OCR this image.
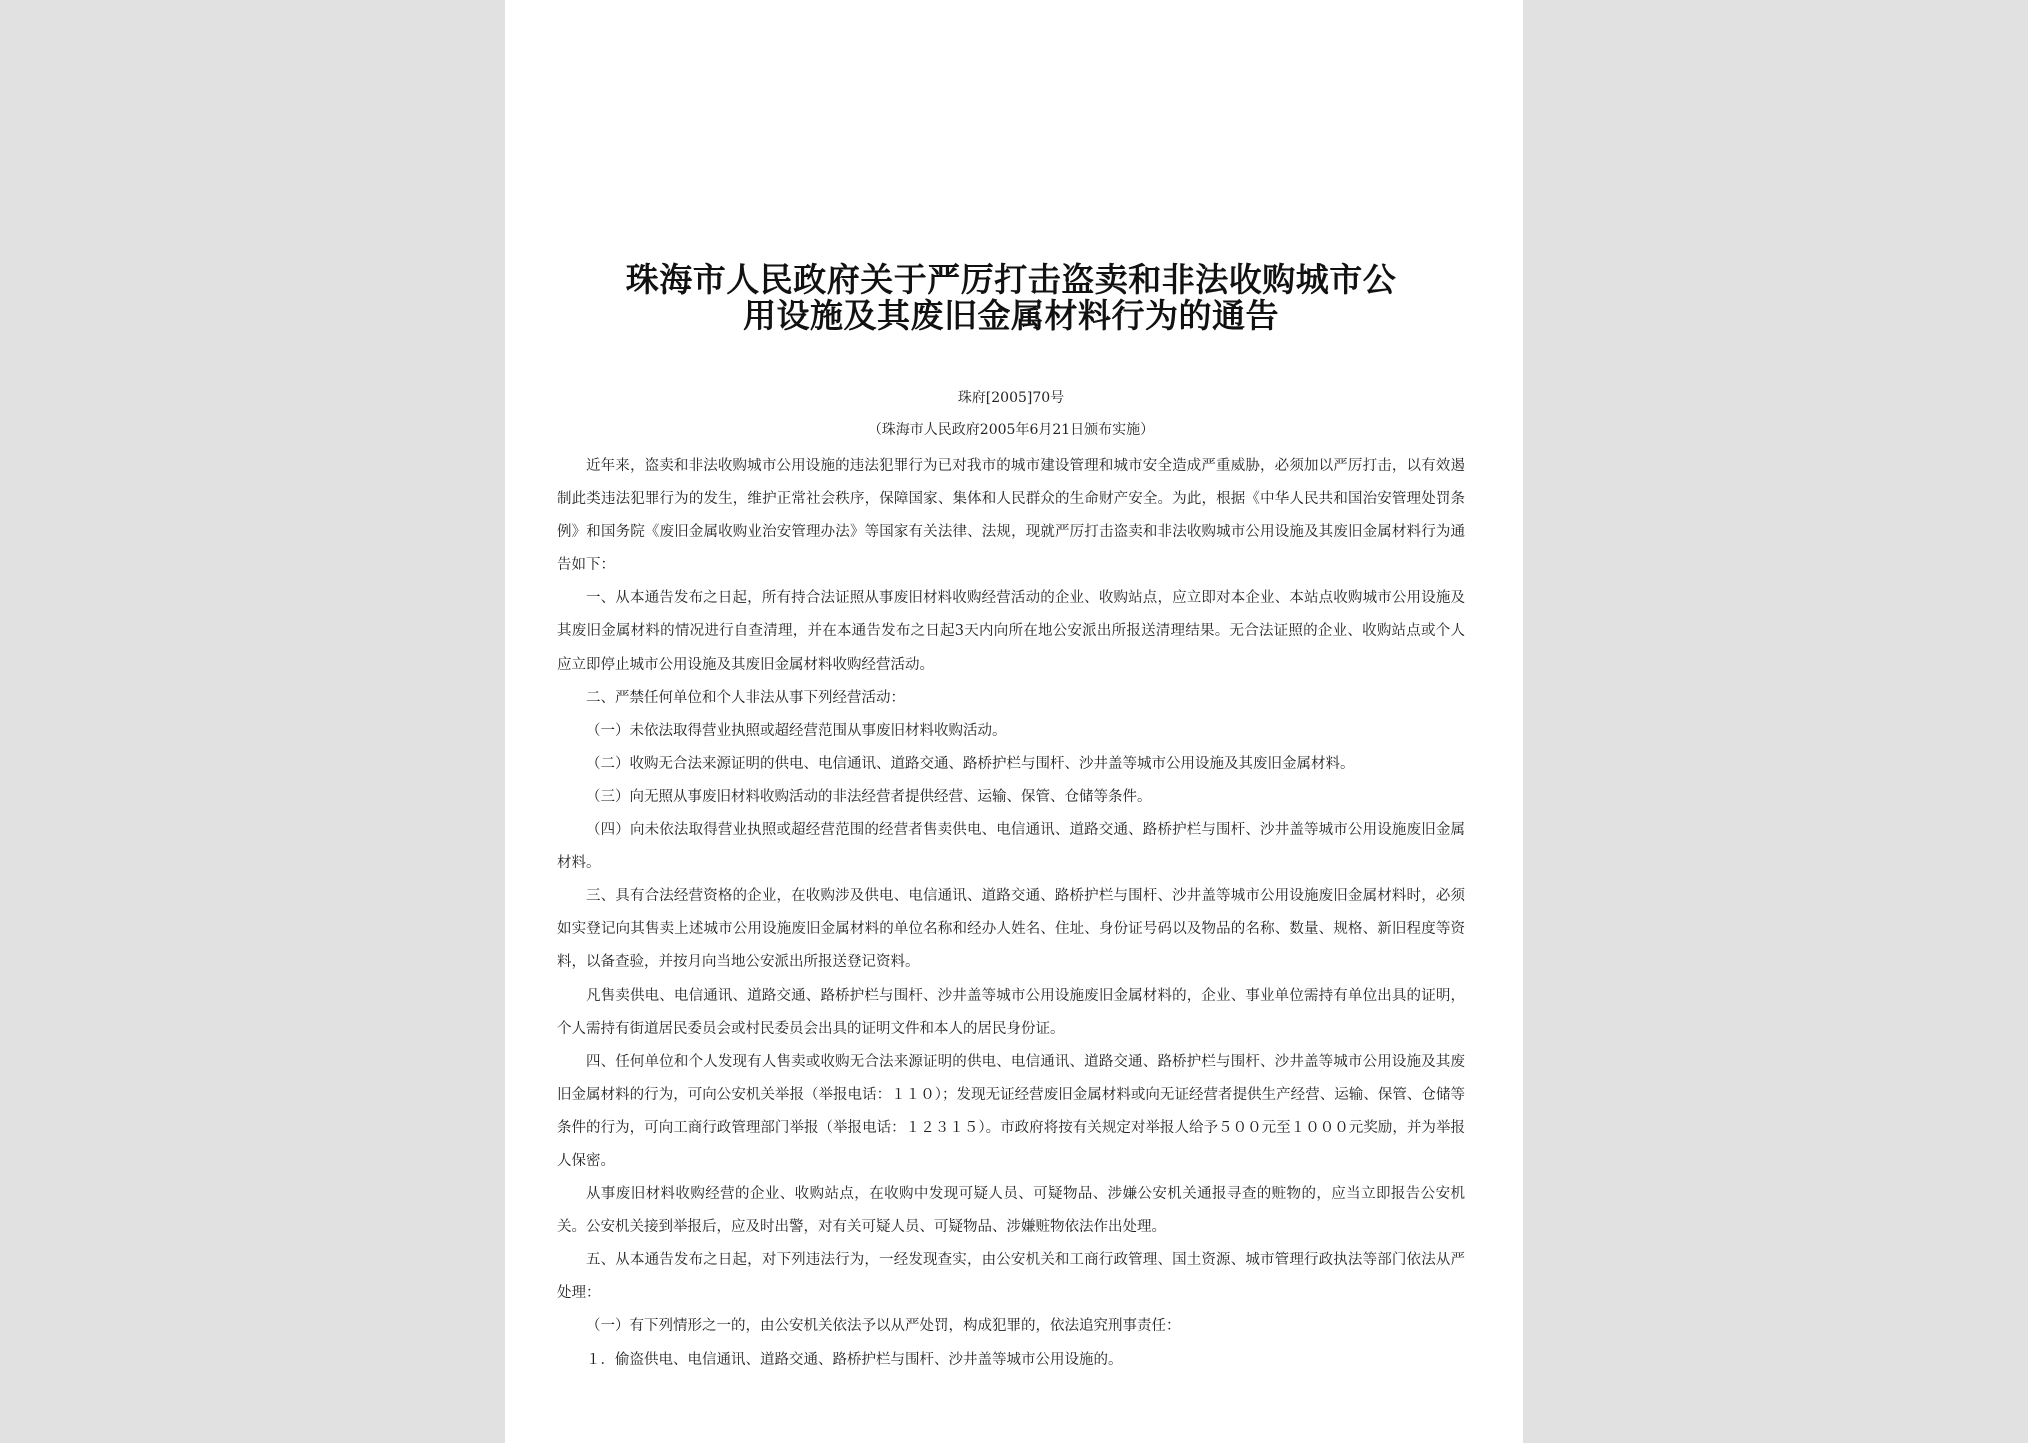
珠海市人民政府关于严厉打击盗卖和非法收购城市公
用设施及其废旧金属材料行为的通告
珠府[2005]70号
（珠海市人民政府2005年6月21日颁布实施）

近年来，盗卖和非法收购城市公用设施的违法犯罪行为已对我市的城市建设管理和城市安全造成严重威胁，必须加以严厉打击，以有效遏制此类违法犯罪行为的发生，维护正常社会秩序，保障国家、集体和人民群众的生命财产安全。为此，根据《中华人民共和国治安管理处罚条例》和国务院《废旧金属收购业治安管理办法》等国家有关法律、法规，现就严厉打击盗卖和非法收购城市公用设施及其废旧金属材料行为通告如下：

一、从本通告发布之日起，所有持合法证照从事废旧材料收购经营活动的企业、收购站点，应立即对本企业、本站点收购城市公用设施及其废旧金属材料的情况进行自查清理，并在本通告发布之日起3天内向所在地公安派出所报送清理结果。无合法证照的企业、收购站点或个人应立即停止城市公用设施及其废旧金属材料收购经营活动。

二、严禁任何单位和个人非法从事下列经营活动：

（一）未依法取得营业执照或超经营范围从事废旧材料收购活动。

（二）收购无合法来源证明的供电、电信通讯、道路交通、路桥护栏与围杆、沙井盖等城市公用设施及其废旧金属材料。

（三）向无照从事废旧材料收购活动的非法经营者提供经营、运输、保管、仓储等条件。

（四）向未依法取得营业执照或超经营范围的经营者售卖供电、电信通讯、道路交通、路桥护栏与围杆、沙井盖等城市公用设施废旧金属材料。

三、具有合法经营资格的企业，在收购涉及供电、电信通讯、道路交通、路桥护栏与围杆、沙井盖等城市公用设施废旧金属材料时，必须如实登记向其售卖上述城市公用设施废旧金属材料的单位名称和经办人姓名、住址、身份证号码以及物品的名称、数量、规格、新旧程度等资料，以备查验，并按月向当地公安派出所报送登记资料。

凡售卖供电、电信通讯、道路交通、路桥护栏与围杆、沙井盖等城市公用设施废旧金属材料的，企业、事业单位需持有单位出具的证明，个人需持有街道居民委员会或村民委员会出具的证明文件和本人的居民身份证。

四、任何单位和个人发现有人售卖或收购无合法来源证明的供电、电信通讯、道路交通、路桥护栏与围杆、沙井盖等城市公用设施及其废旧金属材料的行为，可向公安机关举报（举报电话：１１０）；发现无证经营废旧金属材料或向无证经营者提供生产经营、运输、保管、仓储等条件的行为，可向工商行政管理部门举报（举报电话：１２３１５）。市政府将按有关规定对举报人给予５００元至１０００元奖励，并为举报人保密。

从事废旧材料收购经营的企业、收购站点，在收购中发现可疑人员、可疑物品、涉嫌公安机关通报寻查的赃物的，应当立即报告公安机关。公安机关接到举报后，应及时出警，对有关可疑人员、可疑物品、涉嫌赃物依法作出处理。

五、从本通告发布之日起，对下列违法行为，一经发现查实，由公安机关和工商行政管理、国土资源、城市管理行政执法等部门依法从严处理：

（一）有下列情形之一的，由公安机关依法予以从严处罚，构成犯罪的，依法追究刑事责任：

１．偷盗供电、电信通讯、道路交通、路桥护栏与围杆、沙井盖等城市公用设施的。
